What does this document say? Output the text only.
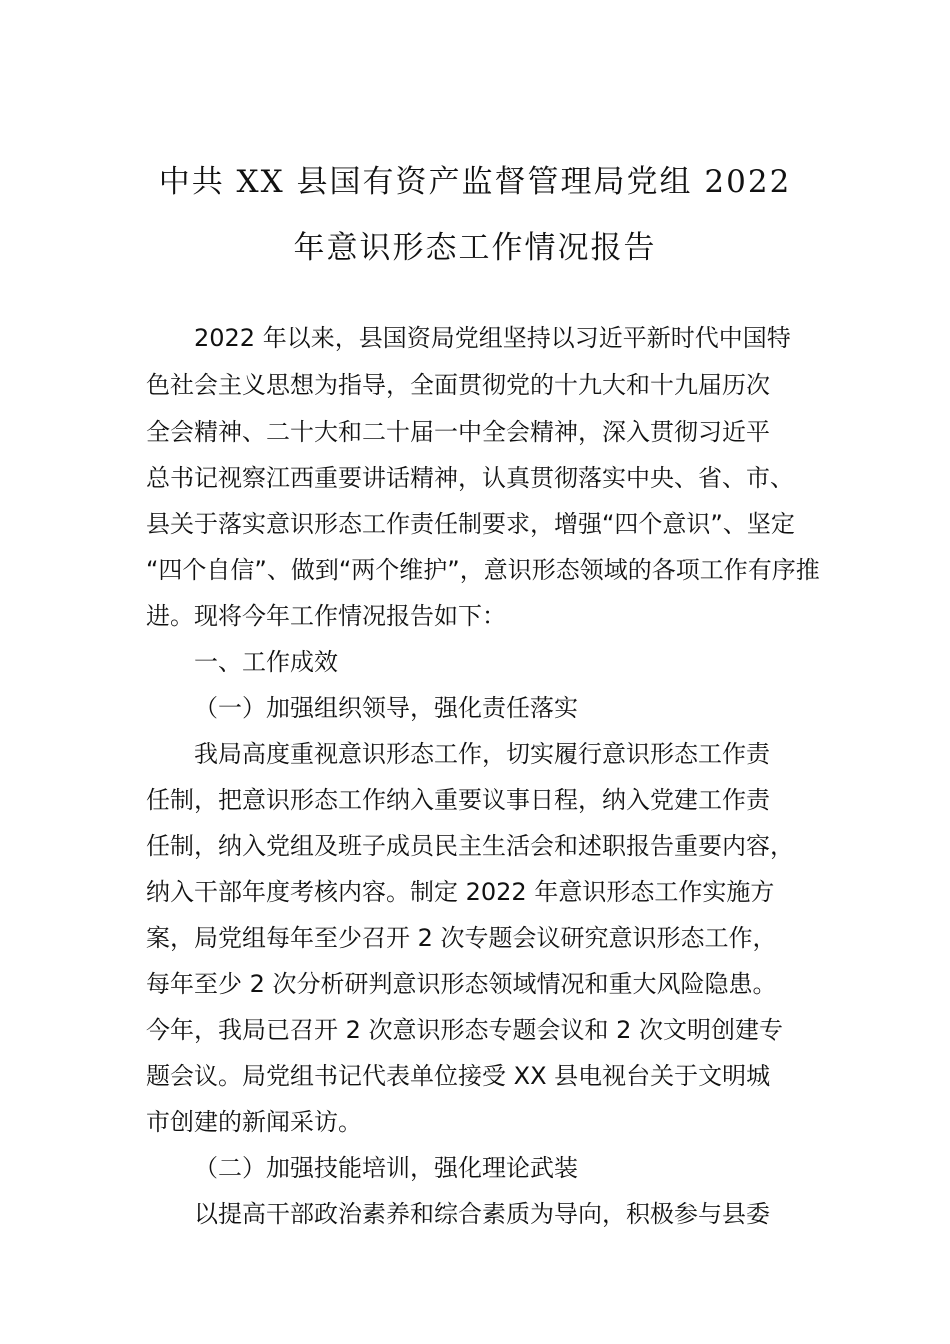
中共 XX 县国有资产监督管理局党组 2022
年意识形态工作情况报告
2022 年以来，县国资局党组坚持以习近平新时代中国特
色社会主义思想为指导，全面贯彻党的十九大和十九届历次
全会精神、二十大和二十届一中全会精神，深入贯彻习近平
总书记视察江西重要讲话精神，认真贯彻落实中央、省、市、
县关于落实意识形态工作责任制要求，增强“四个意识”、坚定
“四个自信”、做到“两个维护”，意识形态领域的各项工作有序推
进。现将今年工作情况报告如下：
一、工作成效
（一）加强组织领导，强化责任落实
我局高度重视意识形态工作，切实履行意识形态工作责
任制，把意识形态工作纳入重要议事日程，纳入党建工作责
任制，纳入党组及班子成员民主生活会和述职报告重要内容，
纳入干部年度考核内容。制定 2022 年意识形态工作实施方
案，局党组每年至少召开 2 次专题会议研究意识形态工作，
每年至少 2 次分析研判意识形态领域情况和重大风险隐患。
今年，我局已召开 2 次意识形态专题会议和 2 次文明创建专
题会议。局党组书记代表单位接受 XX 县电视台关于文明城
市创建的新闻采访。
（二）加强技能培训，强化理论武装
以提高干部政治素养和综合素质为导向，积极参与县委
